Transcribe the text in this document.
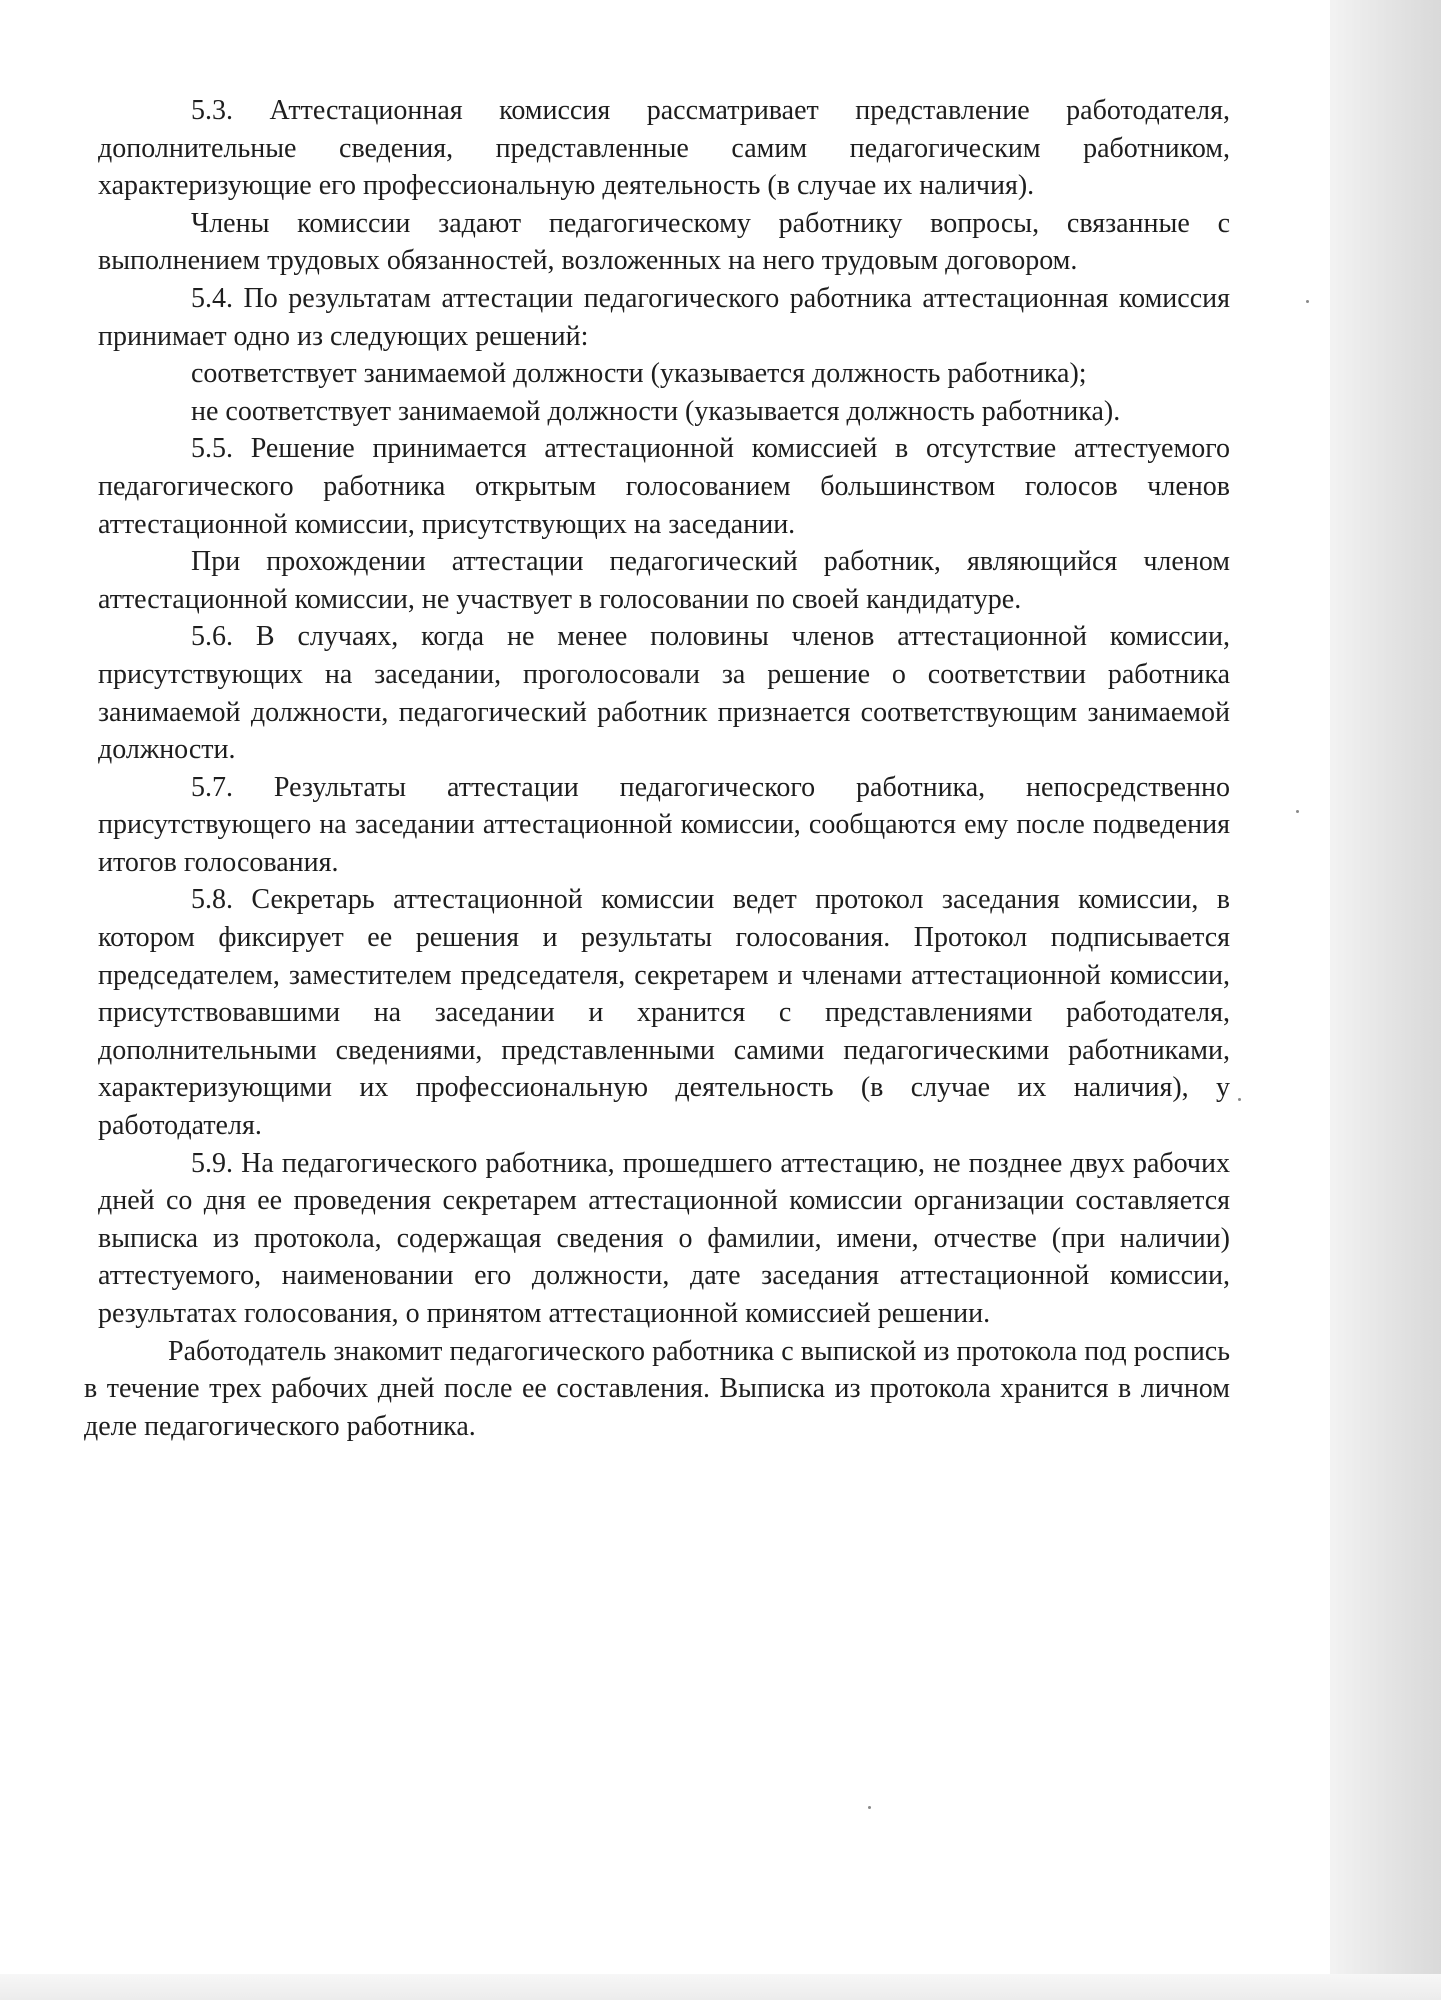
5.3. Аттестационная комиссия рассматривает представление работодателя, дополнительные сведения, представленные самим педагогическим работником, характеризующие его профессиональную деятельность (в случае их наличия).

Члены комиссии задают педагогическому работнику вопросы, связанные с выполнением трудовых обязанностей, возложенных на него трудовым договором.

5.4. По результатам аттестации педагогического работника аттестационная комиссия принимает одно из следующих решений:

соответствует занимаемой должности (указывается должность работника);

не соответствует занимаемой должности (указывается должность работника).

5.5. Решение принимается аттестационной комиссией в отсутствие аттестуемого педагогического работника открытым голосованием большинством голосов членов аттестационной комиссии, присутствующих на заседании.

При прохождении аттестации педагогический работник, являющийся членом аттестационной комиссии, не участвует в голосовании по своей кандидатуре.

5.6. В случаях, когда не менее половины членов аттестационной комиссии, присутствующих на заседании, проголосовали за решение о соответствии работника занимаемой должности, педагогический работник признается соответствующим занимаемой должности.

5.7. Результаты аттестации педагогического работника, непосредственно присутствующего на заседании аттестационной комиссии, сообщаются ему после подведения итогов голосования.

5.8. Секретарь аттестационной комиссии ведет протокол заседания комиссии, в котором фиксирует ее решения и результаты голосования. Протокол подписывается председателем, заместителем председателя, секретарем и членами аттестационной комиссии, присутствовавшими на заседании и хранится с представлениями работодателя, дополнительными сведениями, представленными самими педагогическими работниками, характеризующими их профессиональную деятельность (в случае их наличия), у работодателя.

5.9. На педагогического работника, прошедшего аттестацию, не позднее двух рабочих дней со дня ее проведения секретарем аттестационной комиссии организации составляется выписка из протокола, содержащая сведения о фамилии, имени, отчестве (при наличии) аттестуемого, наименовании его должности, дате заседания аттестационной комиссии, результатах голосования, о принятом аттестационной комиссией решении.

Работодатель знакомит педагогического работника с выпиской из протокола под роспись в течение трех рабочих дней после ее составления. Выписка из протокола хранится в личном деле педагогического работника.
